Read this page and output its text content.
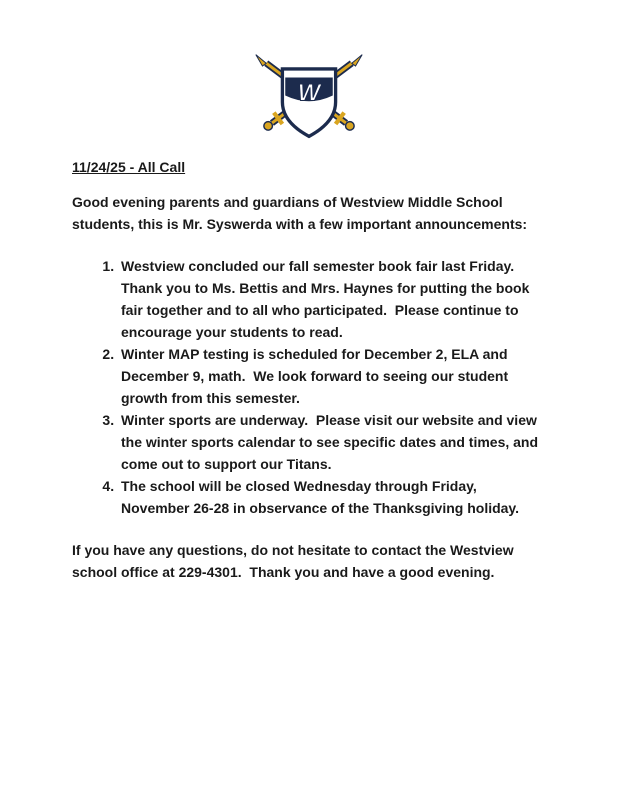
W
11/24/25 - All Call

Good evening parents and guardians of Westview Middle School students, this is Mr. Syswerda with a few important announcements:

1. Westview concluded our fall semester book fair last Friday.  Thank you to Ms. Bettis and Mrs. Haynes for putting the book fair together and to all who participated.  Please continue to encourage your students to read.
2. Winter MAP testing is scheduled for December 2, ELA and December 9, math.  We look forward to seeing our student growth from this semester.
3. Winter sports are underway.  Please visit our website and view the winter sports calendar to see specific dates and times, and come out to support our Titans.
4. The school will be closed Wednesday through Friday, November 26-28 in observance of the Thanksgiving holiday.

If you have any questions, do not hesitate to contact the Westview school office at 229-4301.  Thank you and have a good evening.
